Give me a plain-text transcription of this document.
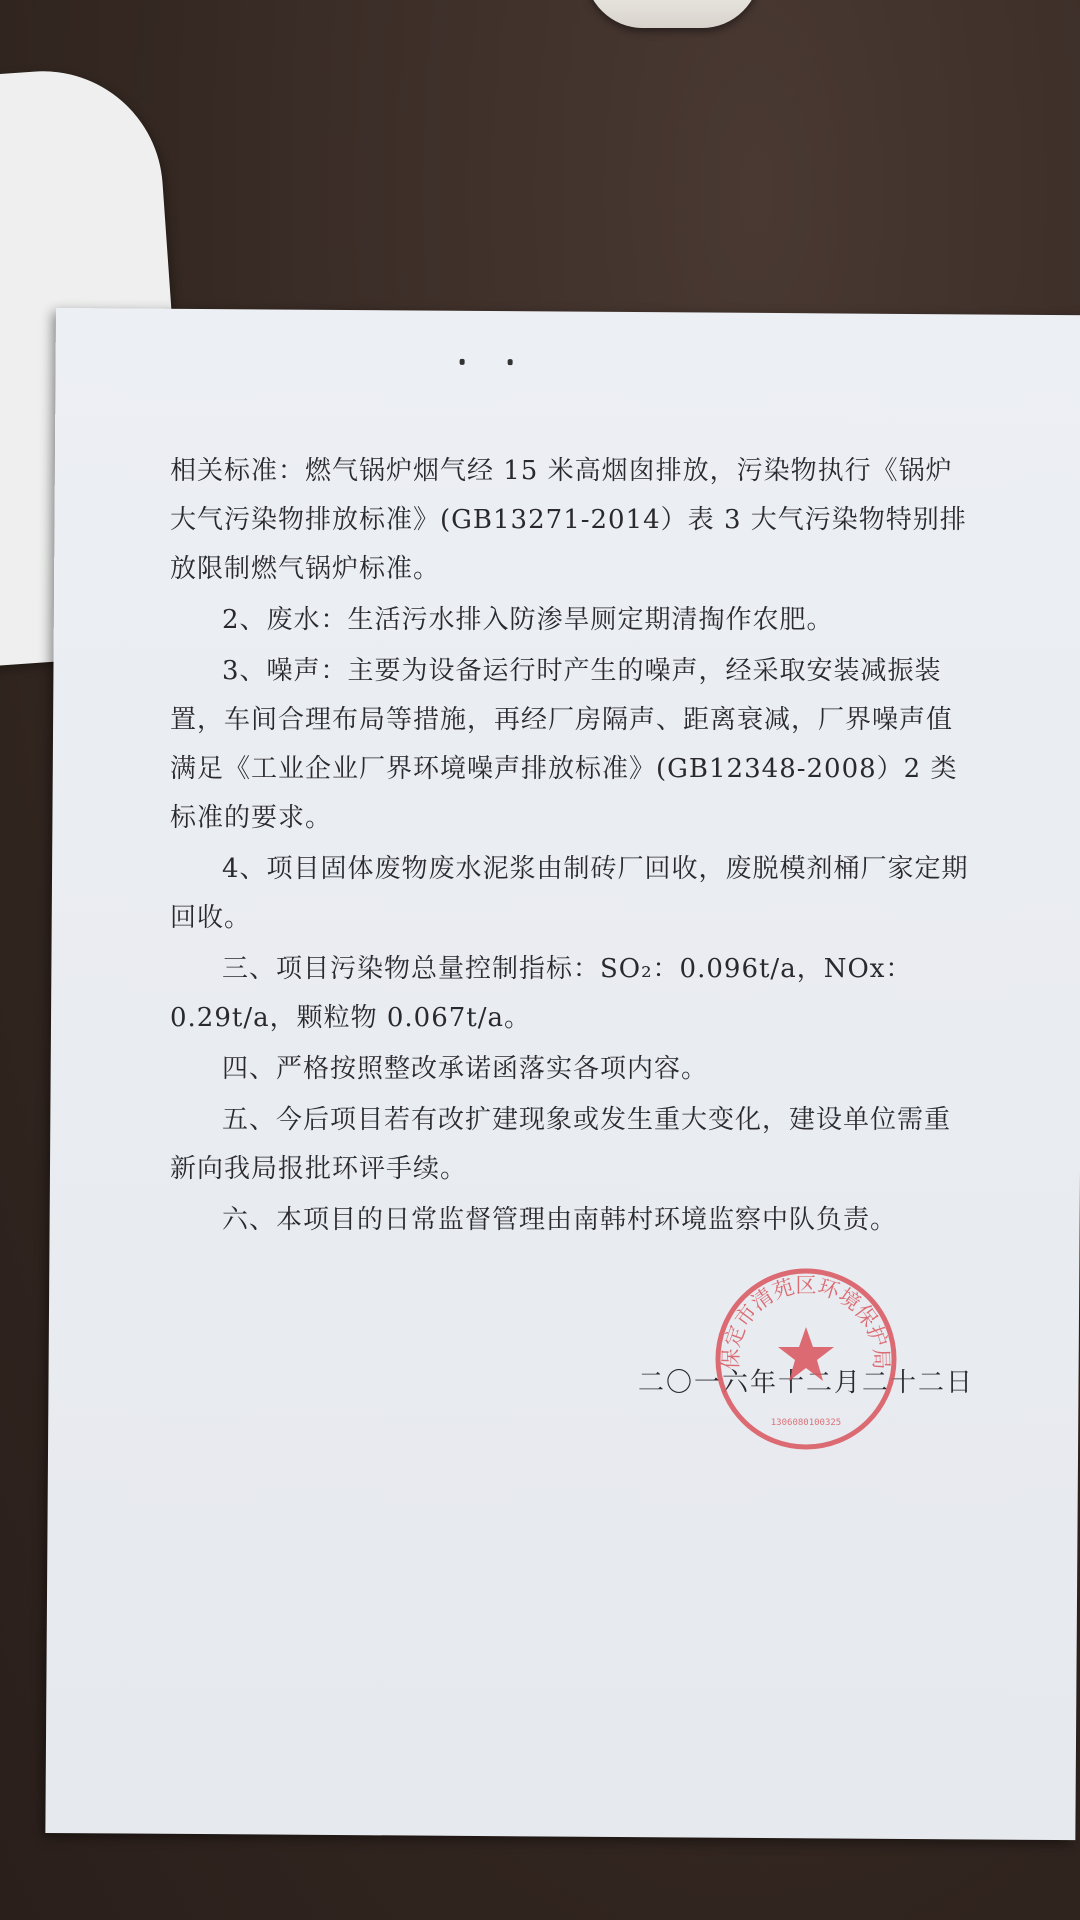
相关标准：燃气锅炉烟气经 15 米高烟囱排放，污染物执行《锅炉大气污染物排放标准》(GB13271-2014）表 3 大气污染物特别排放限制燃气锅炉标准。

2、废水：生活污水排入防渗旱厕定期清掏作农肥。

3、噪声：主要为设备运行时产生的噪声，经采取安装减振装置，车间合理布局等措施，再经厂房隔声、距离衰减，厂界噪声值满足《工业企业厂界环境噪声排放标准》(GB12348-2008）2 类标准的要求。

4、项目固体废物废水泥浆由制砖厂回收，废脱模剂桶厂家定期回收。

三、项目污染物总量控制指标：SO₂：0.096t/a，NOx：0.29t/a，颗粒物 0.067t/a。

四、严格按照整改承诺函落实各项内容。

五、今后项目若有改扩建现象或发生重大变化，建设单位需重新向我局报批环评手续。

六、本项目的日常监督管理由南韩村环境监察中队负责。

二〇一六年十二月二十二日
保定市清苑区环境保护局
1306080100325
